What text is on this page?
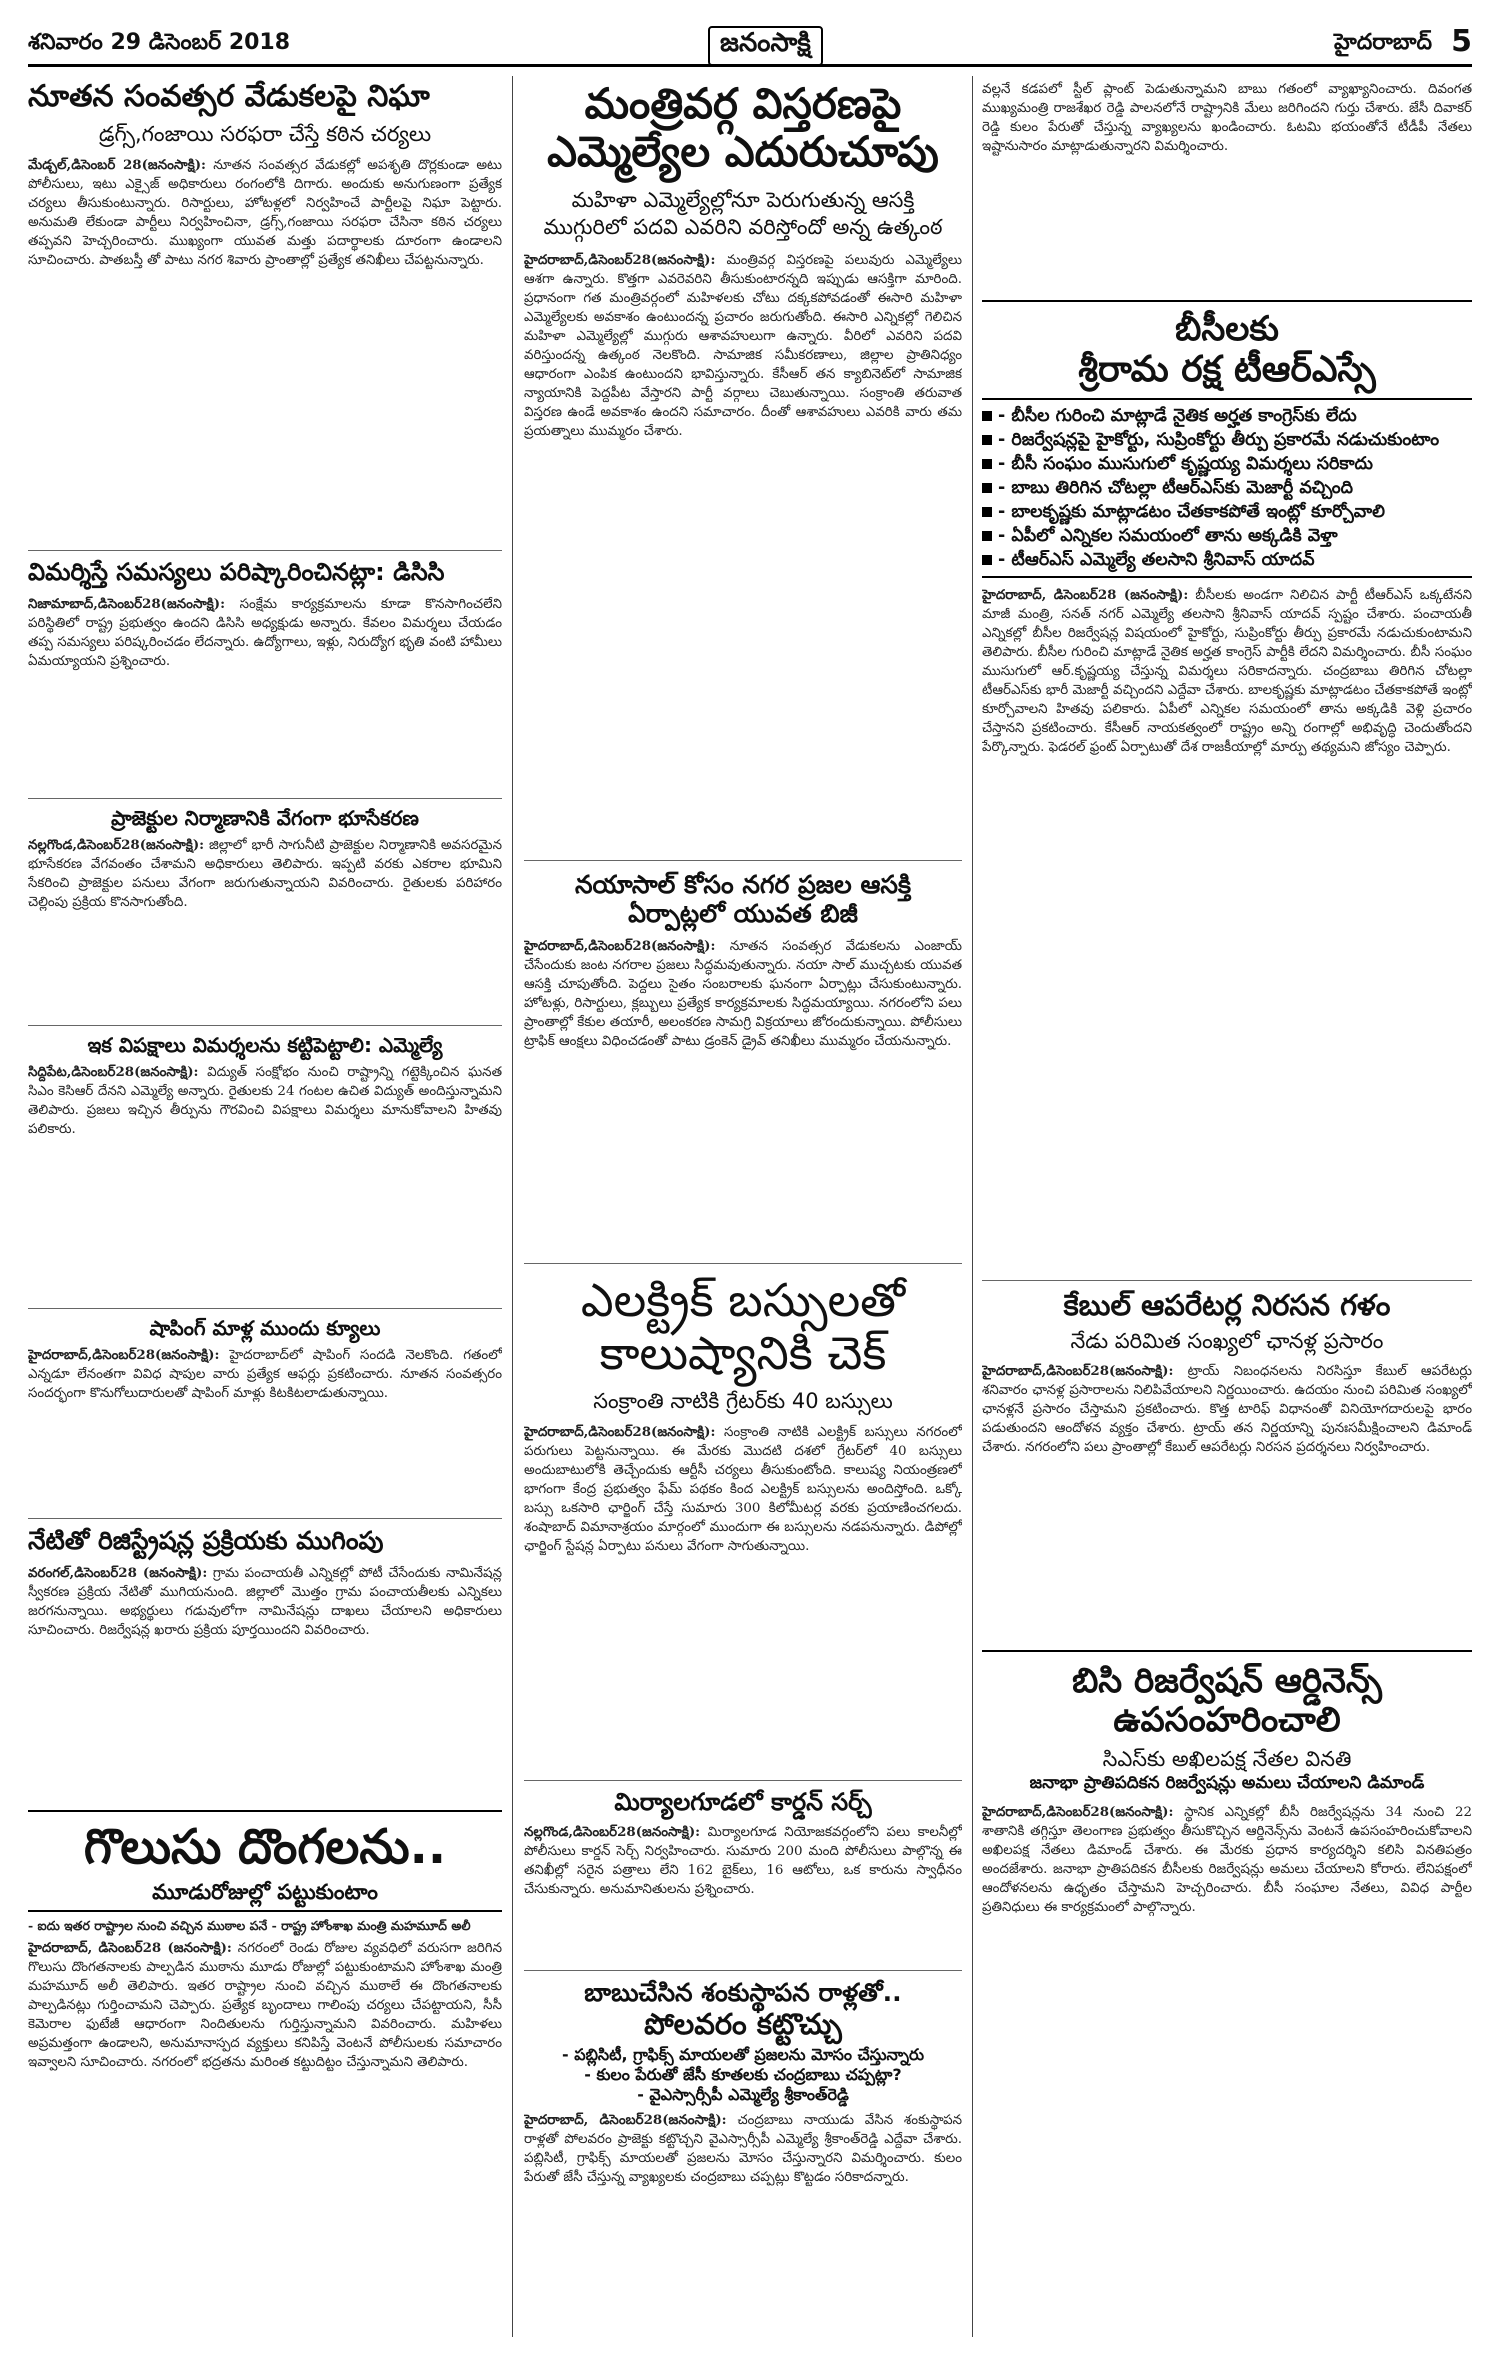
శనివారం 29 డిసెంబర్ 2018	జనంసాక్షి	హైదరాబాద్ 5

నూతన సంవత్సర వేడుకలపై నిఘా

డ్రగ్స్,గంజాయి సరఫరా చేస్తే కఠిన చర్యలు

మేడ్చల్,డిసెంబర్ 28(జనంసాక్షి): నూతన సంవత్సర వేడుకల్లో అపశృతి దొర్లకుండా అటు పోలీసులు, ఇటు ఎక్సైజ్ అధికారులు రంగంలోకి దిగారు. అందుకు అనుగుణంగా ప్రత్యేక చర్యలు తీసుకుంటున్నారు. రిసార్టులు, హోటళ్లలో నిర్వహించే పార్టీలపై నిఘా పెట్టారు. అనుమతి లేకుండా పార్టీలు నిర్వహించినా, డ్రగ్స్,గంజాయి సరఫరా చేసినా కఠిన చర్యలు తప్పవని హెచ్చరించారు. ముఖ్యంగా యువత మత్తు పదార్థాలకు దూరంగా ఉండాలని సూచించారు. పాతబస్తీ తో పాటు నగర శివారు ప్రాంతాల్లో ప్రత్యేక తనిఖీలు చేపట్టనున్నారు.

విమర్శిస్తే సమస్యలు పరిష్కారించినట్లా: డిసిసి

నిజామాబాద్,డిసెంబర్28(జనంసాక్షి): సంక్షేమ కార్యక్రమాలను కూడా కొనసాగించలేని పరిస్థితిలో రాష్ట్ర ప్రభుత్వం ఉందని డిసిసి అధ్యక్షుడు అన్నారు. కేవలం విమర్శలు చేయడం తప్ప సమస్యలు పరిష్కరించడం లేదన్నారు. ఉద్యోగాలు, ఇళ్లు, నిరుద్యోగ భృతి వంటి హామీలు ఏమయ్యాయని ప్రశ్నించారు.

ప్రాజెక్టుల నిర్మాణానికి వేగంగా భూసేకరణ

నల్లగొండ,డిసెంబర్28(జనంసాక్షి): జిల్లాలో భారీ సాగునీటి ప్రాజెక్టుల నిర్మాణానికి అవసరమైన భూసేకరణ వేగవంతం చేశామని అధికారులు తెలిపారు. ఇప్పటి వరకు ఎకరాల భూమిని సేకరించి ప్రాజెక్టుల పనులు వేగంగా జరుగుతున్నాయని వివరించారు. రైతులకు పరిహారం చెల్లింపు ప్రక్రియ కొనసాగుతోంది.

ఇక విపక్షాలు విమర్శలను కట్టిపెట్టాలి: ఎమ్మెల్యే

సిద్దిపేట,డిసెంబర్28(జనంసాక్షి): విద్యుత్ సంక్షోభం నుంచి రాష్ట్రాన్ని గట్టెక్కించిన ఘనత సిఎం కెసిఆర్ దేనని ఎమ్మెల్యే అన్నారు. రైతులకు 24 గంటల ఉచిత విద్యుత్ అందిస్తున్నామని తెలిపారు. ప్రజలు ఇచ్చిన తీర్పును గౌరవించి విపక్షాలు విమర్శలు మానుకోవాలని హితవు పలికారు.

షాపింగ్ మాళ్ల ముందు క్యూలు

హైదరాబాద్,డిసెంబర్28(జనంసాక్షి): హైదరాబాద్‌లో షాపింగ్ సందడి నెలకొంది. గతంలో ఎన్నడూ లేనంతగా వివిధ షాపుల వారు ప్రత్యేక ఆఫర్లు ప్రకటించారు. నూతన సంవత్సరం సందర్భంగా కొనుగోలుదారులతో షాపింగ్ మాళ్లు కిటకిటలాడుతున్నాయి.

నేటితో రిజిస్ట్రేషన్ల ప్రక్రియకు ముగింపు

వరంగల్,డిసెంబర్28 (జనంసాక్షి): గ్రామ పంచాయతీ ఎన్నికల్లో పోటీ చేసేందుకు నామినేషన్ల స్వీకరణ ప్రక్రియ నేటితో ముగియనుంది. జిల్లాలో మొత్తం గ్రామ పంచాయతీలకు ఎన్నికలు జరగనున్నాయి. అభ్యర్థులు గడువులోగా నామినేషన్లు దాఖలు చేయాలని అధికారులు సూచించారు. రిజర్వేషన్ల ఖరారు ప్రక్రియ పూర్తయిందని వివరించారు.

గొలుసు దొంగలను..

మూడురోజుల్లో పట్టుకుంటాం

- ఐదు ఇతర రాష్ట్రాల నుంచి వచ్చిన ముఠాల పనే - రాష్ట్ర హోంశాఖ మంత్రి మహమూద్ అలీ

హైదరాబాద్, డిసెంబర్28 (జనంసాక్షి): నగరంలో రెండు రోజుల వ్యవధిలో వరుసగా జరిగిన గొలుసు దొంగతనాలకు పాల్పడిన ముఠాను మూడు రోజుల్లో పట్టుకుంటామని హోంశాఖ మంత్రి మహమూద్ అలీ తెలిపారు. ఇతర రాష్ట్రాల నుంచి వచ్చిన ముఠాలే ఈ దొంగతనాలకు పాల్పడినట్లు గుర్తించామని చెప్పారు. ప్రత్యేక బృందాలు గాలింపు చర్యలు చేపట్టాయని, సీసీ కెమెరాల ఫుటేజీ ఆధారంగా నిందితులను గుర్తిస్తున్నామని వివరించారు. మహిళలు అప్రమత్తంగా ఉండాలని, అనుమానాస్పద వ్యక్తులు కనిపిస్తే వెంటనే పోలీసులకు సమాచారం ఇవ్వాలని సూచించారు. నగరంలో భద్రతను మరింత కట్టుదిట్టం చేస్తున్నామని తెలిపారు.

మంత్రివర్గ విస్తరణపై

ఎమ్మెల్యేల ఎదురుచూపు

మహిళా ఎమ్మెల్యేల్లోనూ పెరుగుతున్న ఆసక్తి

ముగ్గురిలో పదవి ఎవరిని వరిస్తోందో అన్న ఉత్కంఠ

హైదరాబాద్,డిసెంబర్28(జనంసాక్షి): మంత్రివర్గ విస్తరణపై పలువురు ఎమ్మెల్యేలు ఆశగా ఉన్నారు. కొత్తగా ఎవరెవరిని తీసుకుంటారన్నది ఇప్పుడు ఆసక్తిగా మారింది. ప్రధానంగా గత మంత్రివర్గంలో మహిళలకు చోటు దక్కకపోవడంతో ఈసారి మహిళా ఎమ్మెల్యేలకు అవకాశం ఉంటుందన్న ప్రచారం జరుగుతోంది. ఈసారి ఎన్నికల్లో గెలిచిన మహిళా ఎమ్మెల్యేల్లో ముగ్గురు ఆశావహులుగా ఉన్నారు. వీరిలో ఎవరిని పదవి వరిస్తుందన్న ఉత్కంఠ నెలకొంది. సామాజిక సమీకరణాలు, జిల్లాల ప్రాతినిధ్యం ఆధారంగా ఎంపిక ఉంటుందని భావిస్తున్నారు. కేసీఆర్ తన క్యాబినెట్‌లో సామాజిక న్యాయానికి పెద్దపీట వేస్తారని పార్టీ వర్గాలు చెబుతున్నాయి. సంక్రాంతి తరువాత విస్తరణ ఉండే అవకాశం ఉందని సమాచారం. దీంతో ఆశావహులు ఎవరికి వారు తమ ప్రయత్నాలు ముమ్మరం చేశారు.

నయాసాల్ కోసం నగర ప్రజల ఆసక్తి

ఏర్పాట్లలో యువత బిజీ

హైదరాబాద్,డిసెంబర్28(జనంసాక్షి): నూతన సంవత్సర వేడుకలను ఎంజాయ్ చేసేందుకు జంట నగరాల ప్రజలు సిద్ధమవుతున్నారు. నయా సాల్ ముచ్చటకు యువత ఆసక్తి చూపుతోంది. పెద్దలు సైతం సంబరాలకు ఘనంగా ఏర్పాట్లు చేసుకుంటున్నారు. హోటళ్లు, రిసార్టులు, క్లబ్బులు ప్రత్యేక కార్యక్రమాలకు సిద్ధమయ్యాయి. నగరంలోని పలు ప్రాంతాల్లో కేకుల తయారీ, అలంకరణ సామగ్రి విక్రయాలు జోరందుకున్నాయి. పోలీసులు ట్రాఫిక్ ఆంక్షలు విధించడంతో పాటు డ్రంకెన్ డ్రైవ్ తనిఖీలు ముమ్మరం చేయనున్నారు.

ఎలక్ట్రిక్ బస్సులతో

కాలుష్యానికి చెక్

సంక్రాంతి నాటికి గ్రేటర్‌కు 40 బస్సులు

హైదరాబాద్,డిసెంబర్28(జనంసాక్షి): సంక్రాంతి నాటికి ఎలక్ట్రిక్ బస్సులు నగరంలో పరుగులు పెట్టనున్నాయి. ఈ మేరకు మొదటి దశలో గ్రేటర్‌లో 40 బస్సులు అందుబాటులోకి తెచ్చేందుకు ఆర్టీసీ చర్యలు తీసుకుంటోంది. కాలుష్య నియంత్రణలో భాగంగా కేంద్ర ప్రభుత్వం ఫేమ్ పథకం కింద ఎలక్ట్రిక్ బస్సులను అందిస్తోంది. ఒక్కో బస్సు ఒకసారి ఛార్జింగ్ చేస్తే సుమారు 300 కిలోమీటర్ల వరకు ప్రయాణించగలదు. శంషాబాద్ విమానాశ్రయం మార్గంలో ముందుగా ఈ బస్సులను నడపనున్నారు. డిపోల్లో ఛార్జింగ్ స్టేషన్ల ఏర్పాటు పనులు వేగంగా సాగుతున్నాయి.

మిర్యాలగూడలో కార్డన్ సర్చ్

నల్లగొండ,డిసెంబర్28(జనంసాక్షి): మిర్యాలగూడ నియోజకవర్గంలోని పలు కాలనీల్లో పోలీసులు కార్డన్ సెర్చ్ నిర్వహించారు. సుమారు 200 మంది పోలీసులు పాల్గొన్న ఈ తనిఖీల్లో సరైన పత్రాలు లేని 162 బైక్‌లు, 16 ఆటోలు, ఒక కారును స్వాధీనం చేసుకున్నారు. అనుమానితులను ప్రశ్నించారు.

బాబుచేసిన శంకుస్థాపన రాళ్లతో..

పోలవరం కట్టొచ్చు

- పబ్లిసిటీ, గ్రాఫిక్స్ మాయలతో ప్రజలను మోసం చేస్తున్నారు

- కులం పేరుతో జేసీ కూతలకు చంద్రబాబు చప్పట్లా?

- వైఎస్సార్సీపీ ఎమ్మెల్యే శ్రీకాంత్‌రెడ్డి

హైదరాబాద్, డిసెంబర్28(జనంసాక్షి): చంద్రబాబు నాయుడు వేసిన శంకుస్థాపన రాళ్లతో పోలవరం ప్రాజెక్టు కట్టొచ్చని వైఎస్సార్సీపీ ఎమ్మెల్యే శ్రీకాంత్‌రెడ్డి ఎద్దేవా చేశారు. పబ్లిసిటీ, గ్రాఫిక్స్ మాయలతో ప్రజలను మోసం చేస్తున్నారని విమర్శించారు. కులం పేరుతో జేసీ చేస్తున్న వ్యాఖ్యలకు చంద్రబాబు చప్పట్లు కొట్టడం సరికాదన్నారు.

వల్లనే కడపలో స్టీల్ ప్లాంట్ పెడుతున్నామని బాబు గతంలో వ్యాఖ్యానించారు. దివంగత ముఖ్యమంత్రి రాజశేఖర రెడ్డి పాలనలోనే రాష్ట్రానికి మేలు జరిగిందని గుర్తు చేశారు. జేసీ దివాకర్ రెడ్డి కులం పేరుతో చేస్తున్న వ్యాఖ్యలను ఖండించారు. ఓటమి భయంతోనే టీడీపీ నేతలు ఇష్టానుసారం మాట్లాడుతున్నారని విమర్శించారు.

బీసీలకు

శ్రీరామ రక్ష టీఆర్ఎస్సే

- బీసీల గురించి మాట్లాడే నైతిక అర్హత కాంగ్రెస్‌కు లేదు

- రిజర్వేషన్లపై హైకోర్టు, సుప్రింకోర్టు తీర్పు ప్రకారమే నడుచుకుంటాం

- బీసీ సంఘం ముసుగులో కృష్ణయ్య విమర్శలు సరికాదు

- బాబు తిరిగిన చోటల్లా టీఆర్ఎస్‌కు మెజార్టీ వచ్చింది

- బాలకృష్ణకు మాట్లాడటం చేతకాకపోతే ఇంట్లో కూర్చోవాలి

- ఏపీలో ఎన్నికల సమయంలో తాను అక్కడికి వెళ్తా

- టీఆర్ఎస్ ఎమ్మెల్యే తలసాని శ్రీనివాస్ యాదవ్

హైదరాబాద్, డిసెంబర్28 (జనంసాక్షి): బీసీలకు అండగా నిలిచిన పార్టీ టీఆర్ఎస్ ఒక్కటేనని మాజీ మంత్రి, సనత్ నగర్ ఎమ్మెల్యే తలసాని శ్రీనివాస్ యాదవ్ స్పష్టం చేశారు. పంచాయతీ ఎన్నికల్లో బీసీల రిజర్వేషన్ల విషయంలో హైకోర్టు, సుప్రింకోర్టు తీర్పు ప్రకారమే నడుచుకుంటామని తెలిపారు. బీసీల గురించి మాట్లాడే నైతిక అర్హత కాంగ్రెస్ పార్టీకి లేదని విమర్శించారు. బీసీ సంఘం ముసుగులో ఆర్.కృష్ణయ్య చేస్తున్న విమర్శలు సరికాదన్నారు. చంద్రబాబు తిరిగిన చోటల్లా టీఆర్ఎస్‌కు భారీ మెజార్టీ వచ్చిందని ఎద్దేవా చేశారు. బాలకృష్ణకు మాట్లాడటం చేతకాకపోతే ఇంట్లో కూర్చోవాలని హితవు పలికారు. ఏపీలో ఎన్నికల సమయంలో తాను అక్కడికి వెళ్లి ప్రచారం చేస్తానని ప్రకటించారు. కేసీఆర్ నాయకత్వంలో రాష్ట్రం అన్ని రంగాల్లో అభివృద్ధి చెందుతోందని పేర్కొన్నారు. ఫెడరల్ ఫ్రంట్ ఏర్పాటుతో దేశ రాజకీయాల్లో మార్పు తథ్యమని జోస్యం చెప్పారు.

కేబుల్ ఆపరేటర్ల నిరసన గళం

నేడు పరిమిత సంఖ్యలో ఛానళ్ల ప్రసారం

హైదరాబాద్,డిసెంబర్28(జనంసాక్షి): ట్రాయ్ నిబంధనలను నిరసిస్తూ కేబుల్ ఆపరేటర్లు శనివారం ఛానళ్ల ప్రసారాలను నిలిపివేయాలని నిర్ణయించారు. ఉదయం నుంచి పరిమిత సంఖ్యలో ఛానళ్లనే ప్రసారం చేస్తామని ప్రకటించారు. కొత్త టారిఫ్ విధానంతో వినియోగదారులపై భారం పడుతుందని ఆందోళన వ్యక్తం చేశారు. ట్రాయ్ తన నిర్ణయాన్ని పునఃసమీక్షించాలని డిమాండ్ చేశారు. నగరంలోని పలు ప్రాంతాల్లో కేబుల్ ఆపరేటర్లు నిరసన ప్రదర్శనలు నిర్వహించారు.

బిసి రిజర్వేషన్ ఆర్డినెన్స్

ఉపసంహరించాలి

సిఎస్‌కు అఖిలపక్ష నేతల వినతి

జనాభా ప్రాతిపదికన రిజర్వేషన్లు అమలు చేయాలని డిమాండ్

హైదరాబాద్,డిసెంబర్28(జనంసాక్షి): స్థానిక ఎన్నికల్లో బీసీ రిజర్వేషన్లను 34 నుంచి 22 శాతానికి తగ్గిస్తూ తెలంగాణ ప్రభుత్వం తీసుకొచ్చిన ఆర్డినెన్స్‌ను వెంటనే ఉపసంహరించుకోవాలని అఖిలపక్ష నేతలు డిమాండ్ చేశారు. ఈ మేరకు ప్రధాన కార్యదర్శిని కలిసి వినతిపత్రం అందజేశారు. జనాభా ప్రాతిపదికన బీసీలకు రిజర్వేషన్లు అమలు చేయాలని కోరారు. లేనిపక్షంలో ఆందోళనలను ఉధృతం చేస్తామని హెచ్చరించారు. బీసీ సంఘాల నేతలు, వివిధ పార్టీల ప్రతినిధులు ఈ కార్యక్రమంలో పాల్గొన్నారు.
